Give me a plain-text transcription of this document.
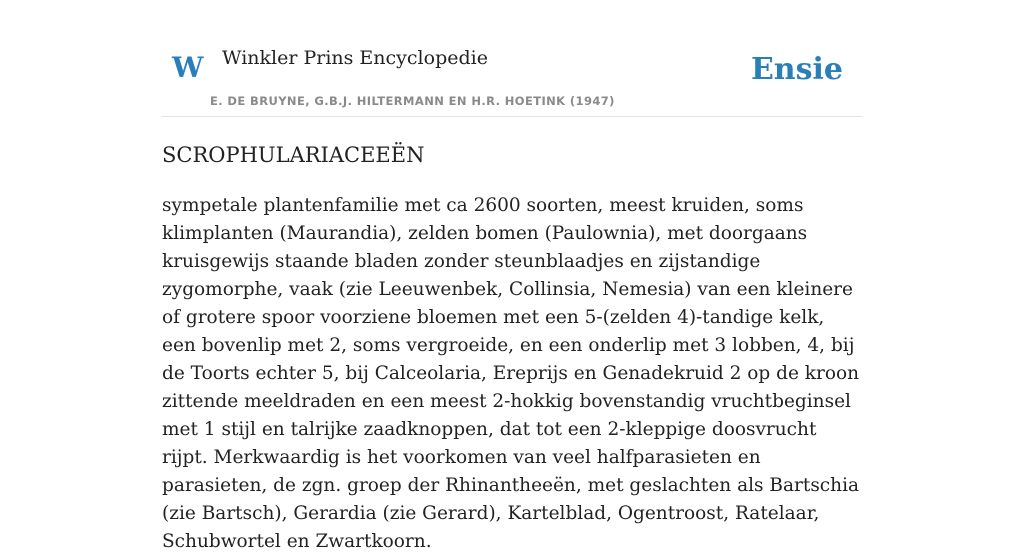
W Winkler Prins Encyclopedie	Ensie
E. DE BRUYNE, G.B.J. HILTERMANN EN H.R. HOETINK (1947)
SCROPHULARIACEEËN

sympetale plantenfamilie met ca 2600 soorten, meest kruiden, soms klimplanten (Maurandia), zelden bomen (Paulownia), met doorgaans kruisgewijs staande bladen zonder steunblaadjes en zijstandige zygomorphe, vaak (zie Leeuwenbek, Collinsia, Nemesia) van een kleinere of grotere spoor voorziene bloemen met een 5-(zelden 4)-tandige kelk, een bovenlip met 2, soms vergroeide, en een onderlip met 3 lobben, 4, bij de Toorts echter 5, bij Calceolaria, Ereprijs en Genadekruid 2 op de kroon zittende meeldraden en een meest 2-hokkig bovenstandig vruchtbeginsel met 1 stijl en talrijke zaadknoppen, dat tot een 2-kleppige doosvrucht rijpt. Merkwaardig is het voorkomen van veel halfparasieten en parasieten, de zgn. groep der Rhinantheeën, met geslachten als Bartschia (zie Bartsch), Gerardia (zie Gerard), Kartelblad, Ogentroost, Ratelaar, Schubwortel en Zwartkoorn.
